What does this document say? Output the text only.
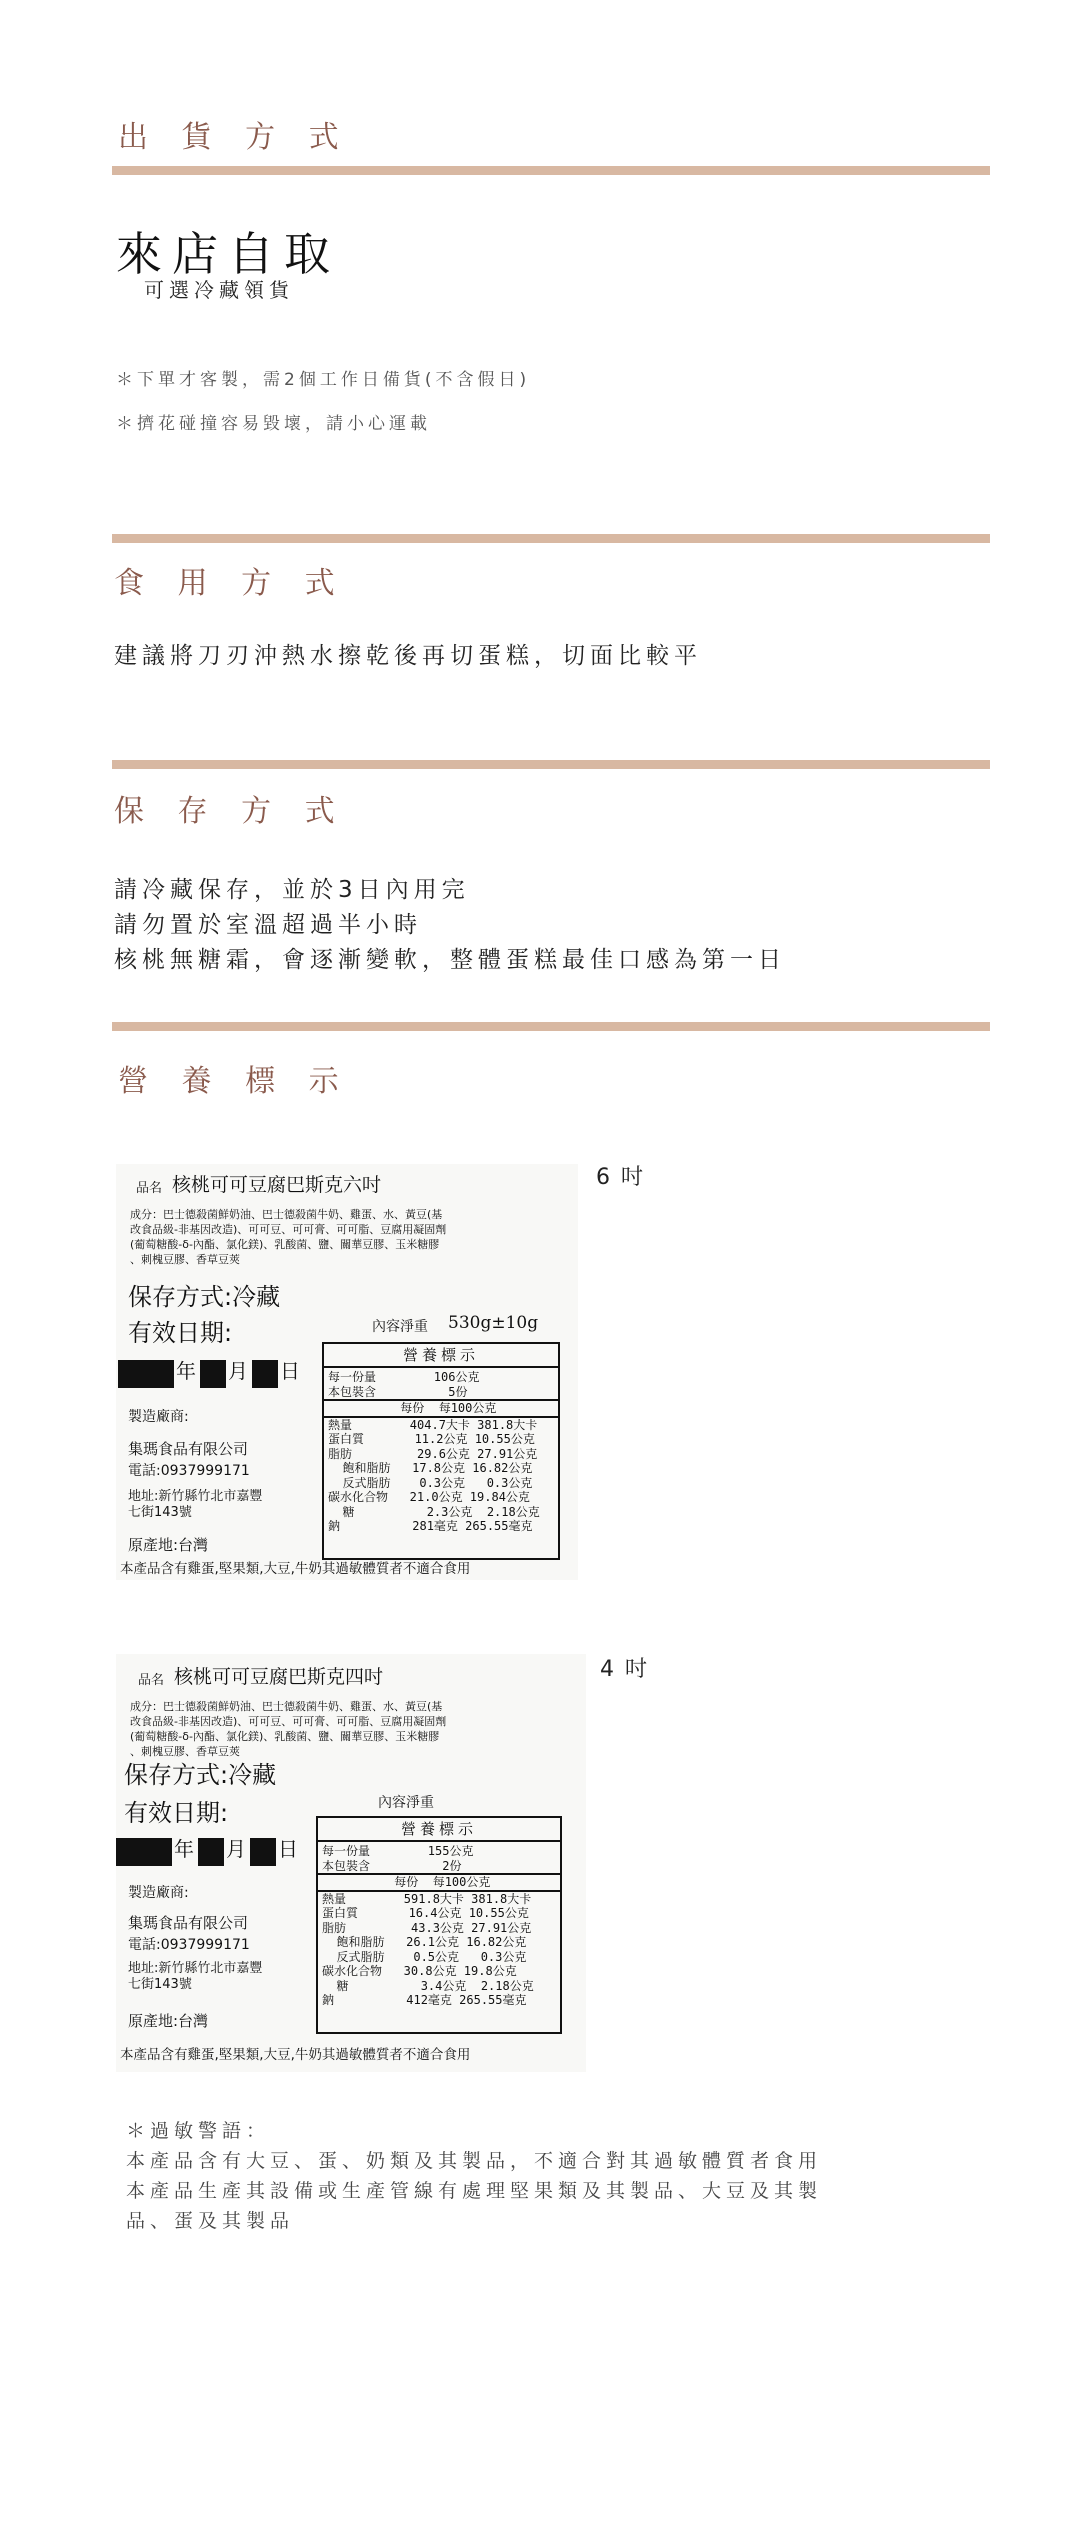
出 貨 方 式
來店自取
可選冷藏領貨
＊下單才客製，需2個工作日備貨(不含假日)
＊擠花碰撞容易毀壞，請小心運載
食 用 方 式
建議將刀刃沖熱水擦乾後再切蛋糕，切面比較平
保 存 方 式
請冷藏保存，並於3日內用完
請勿置於室溫超過半小時
核桃無糖霜，會逐漸變軟，整體蛋糕最佳口感為第一日
營 養 標 示
品名 核桃可可豆腐巴斯克六吋
成分：巴士德殺菌鮮奶油、巴士德殺菌牛奶、雞蛋、水、黃豆(基
改食品級-非基因改造)、可可豆、可可膏、可可脂、豆腐用凝固劑
(葡萄糖酸-δ-內酯、氯化鎂)、乳酸菌、鹽、關華豆膠、玉米糖膠
、刺槐豆膠、香草豆莢
保存方式:冷藏
有效日期:
年 月 日
內容淨重 530g±10g
製造廠商:
集瑪食品有限公司
電話:0937999171
地址:新竹縣竹北市嘉豐
七街143號
原產地:台灣
營養標示
每一份量        106公克
本包裝含          5份
每份  每100公克
熱量        404.7大卡 381.8大卡
蛋白質       11.2公克 10.55公克
脂肪         29.6公克 27.91公克
飽和脂肪   17.8公克 16.82公克
反式脂肪    0.3公克   0.3公克
碳水化合物   21.0公克 19.84公克
糖          2.3公克  2.18公克
鈉          281毫克 265.55毫克
本產品含有雞蛋,堅果類,大豆,牛奶其過敏體質者不適合食用
6 吋
品名 核桃可可豆腐巴斯克四吋
成分：巴士德殺菌鮮奶油、巴士德殺菌牛奶、雞蛋、水、黃豆(基
改食品級-非基因改造)、可可豆、可可膏、可可脂、豆腐用凝固劑
(葡萄糖酸-δ-內酯、氯化鎂)、乳酸菌、鹽、關華豆膠、玉米糖膠
、刺槐豆膠、香草豆莢
保存方式:冷藏
有效日期:
年 月 日
內容淨重
製造廠商:
集瑪食品有限公司
電話:0937999171
地址:新竹縣竹北市嘉豐
七街143號
原產地:台灣
營養標示
每一份量        155公克
本包裝含          2份
每份  每100公克
熱量        591.8大卡 381.8大卡
蛋白質       16.4公克 10.55公克
脂肪         43.3公克 27.91公克
飽和脂肪   26.1公克 16.82公克
反式脂肪    0.5公克   0.3公克
碳水化合物   30.8公克 19.8公克
糖          3.4公克  2.18公克
鈉          412毫克 265.55毫克
本產品含有雞蛋,堅果類,大豆,牛奶其過敏體質者不適合食用
4 吋
＊過敏警語：
本產品含有大豆、蛋、奶類及其製品，不適合對其過敏體質者食用
本產品生產其設備或生產管線有處理堅果類及其製品、大豆及其製
品、蛋及其製品
